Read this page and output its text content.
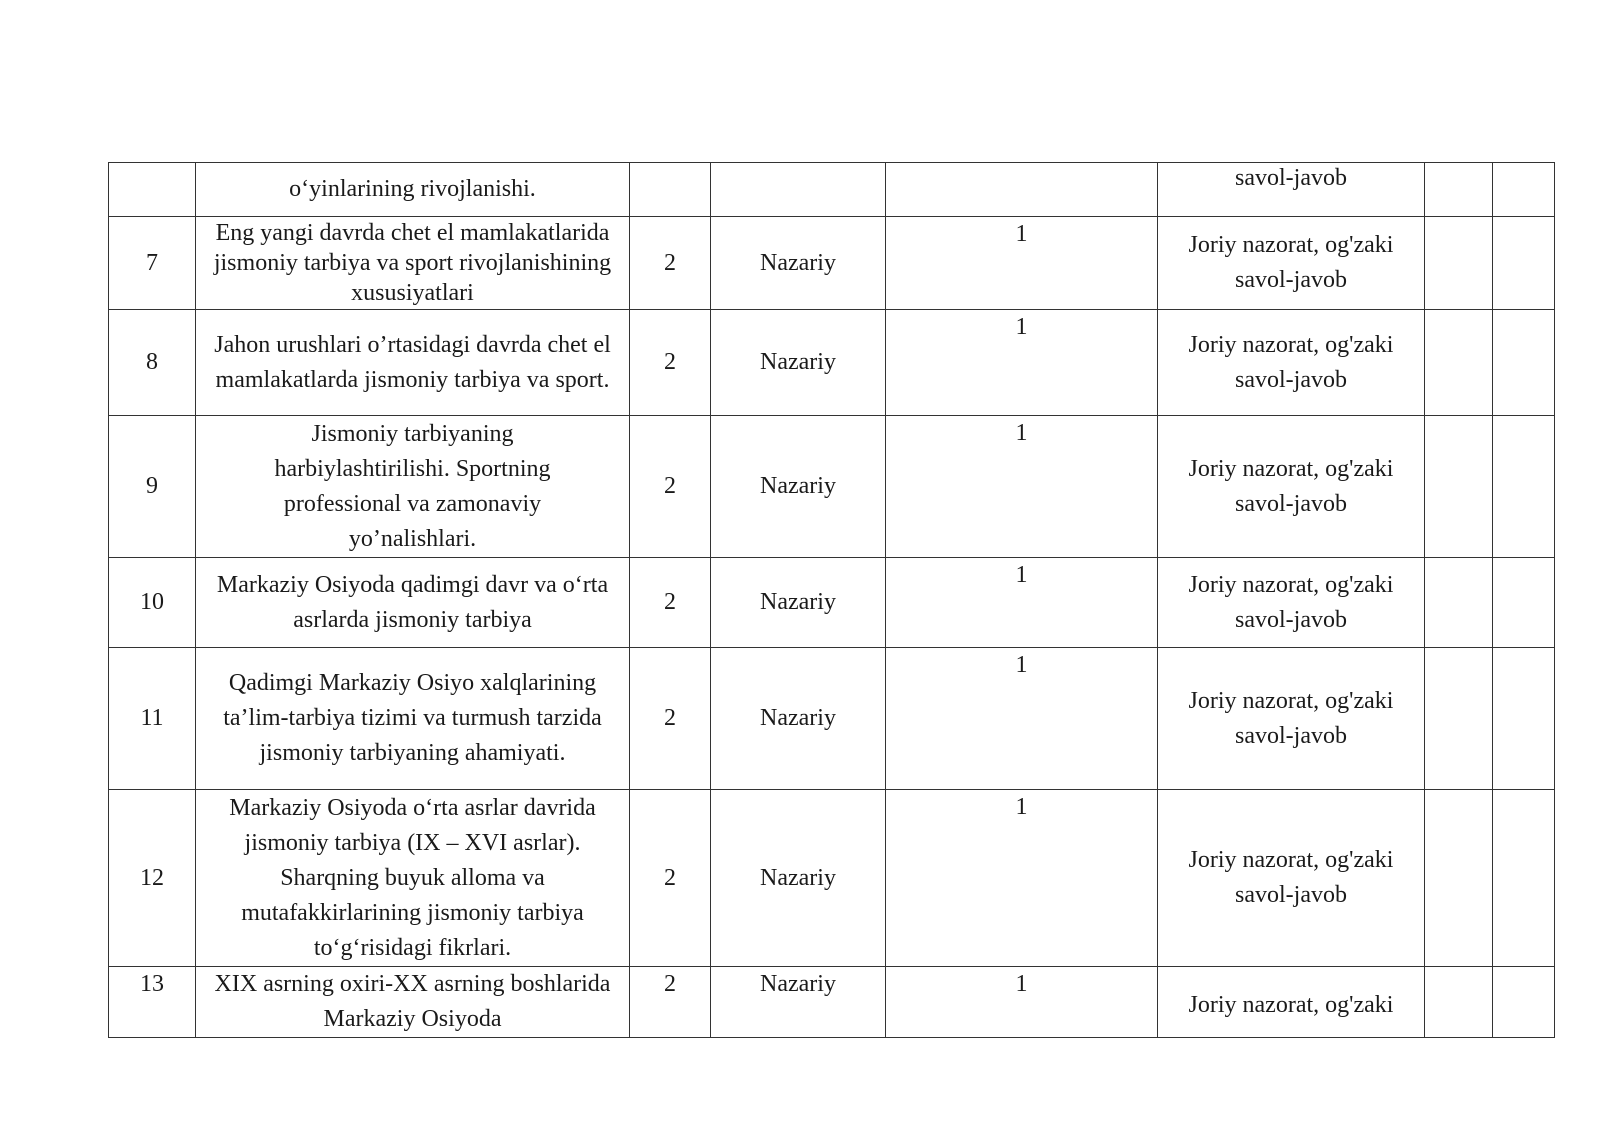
	o‘yinlarining rivojlanishi.				savol-javob		
7	Eng yangi davrda chet el mamlakatlarida jismoniy tarbiya va sport rivojlanishining xususiyatlari	2	Nazariy	1	Joriy nazorat, og'zaki savol-javob		
8	Jahon urushlari o’rtasidagi davrda chet el mamlakatlarda jismoniy tarbiya va sport.	2	Nazariy	1	Joriy nazorat, og'zaki savol-javob		
9	Jismoniy tarbiyaning harbiylashtirilishi. Sportning professional va zamonaviy yo’nalishlari.	2	Nazariy	1	Joriy nazorat, og'zaki savol-javob		
10	Markaziy Osiyoda qadimgi davr va o‘rta asrlarda jismoniy tarbiya	2	Nazariy	1	Joriy nazorat, og'zaki savol-javob		
11	Qadimgi Markaziy Osiyo xalqlarining ta’lim-tarbiya tizimi va turmush tarzida jismoniy tarbiyaning ahamiyati.	2	Nazariy	1	Joriy nazorat, og'zaki savol-javob		
12	Markaziy Osiyoda o‘rta asrlar davrida jismoniy tarbiya (IX – XVI asrlar). Sharqning buyuk alloma va mutafakkirlarining jismoniy tarbiya to‘g‘risidagi fikrlari.	2	Nazariy	1	Joriy nazorat, og'zaki savol-javob		
13	XIX asrning oxiri-XX asrning boshlarida Markaziy Osiyoda	2	Nazariy	1	Joriy nazorat, og'zaki		
